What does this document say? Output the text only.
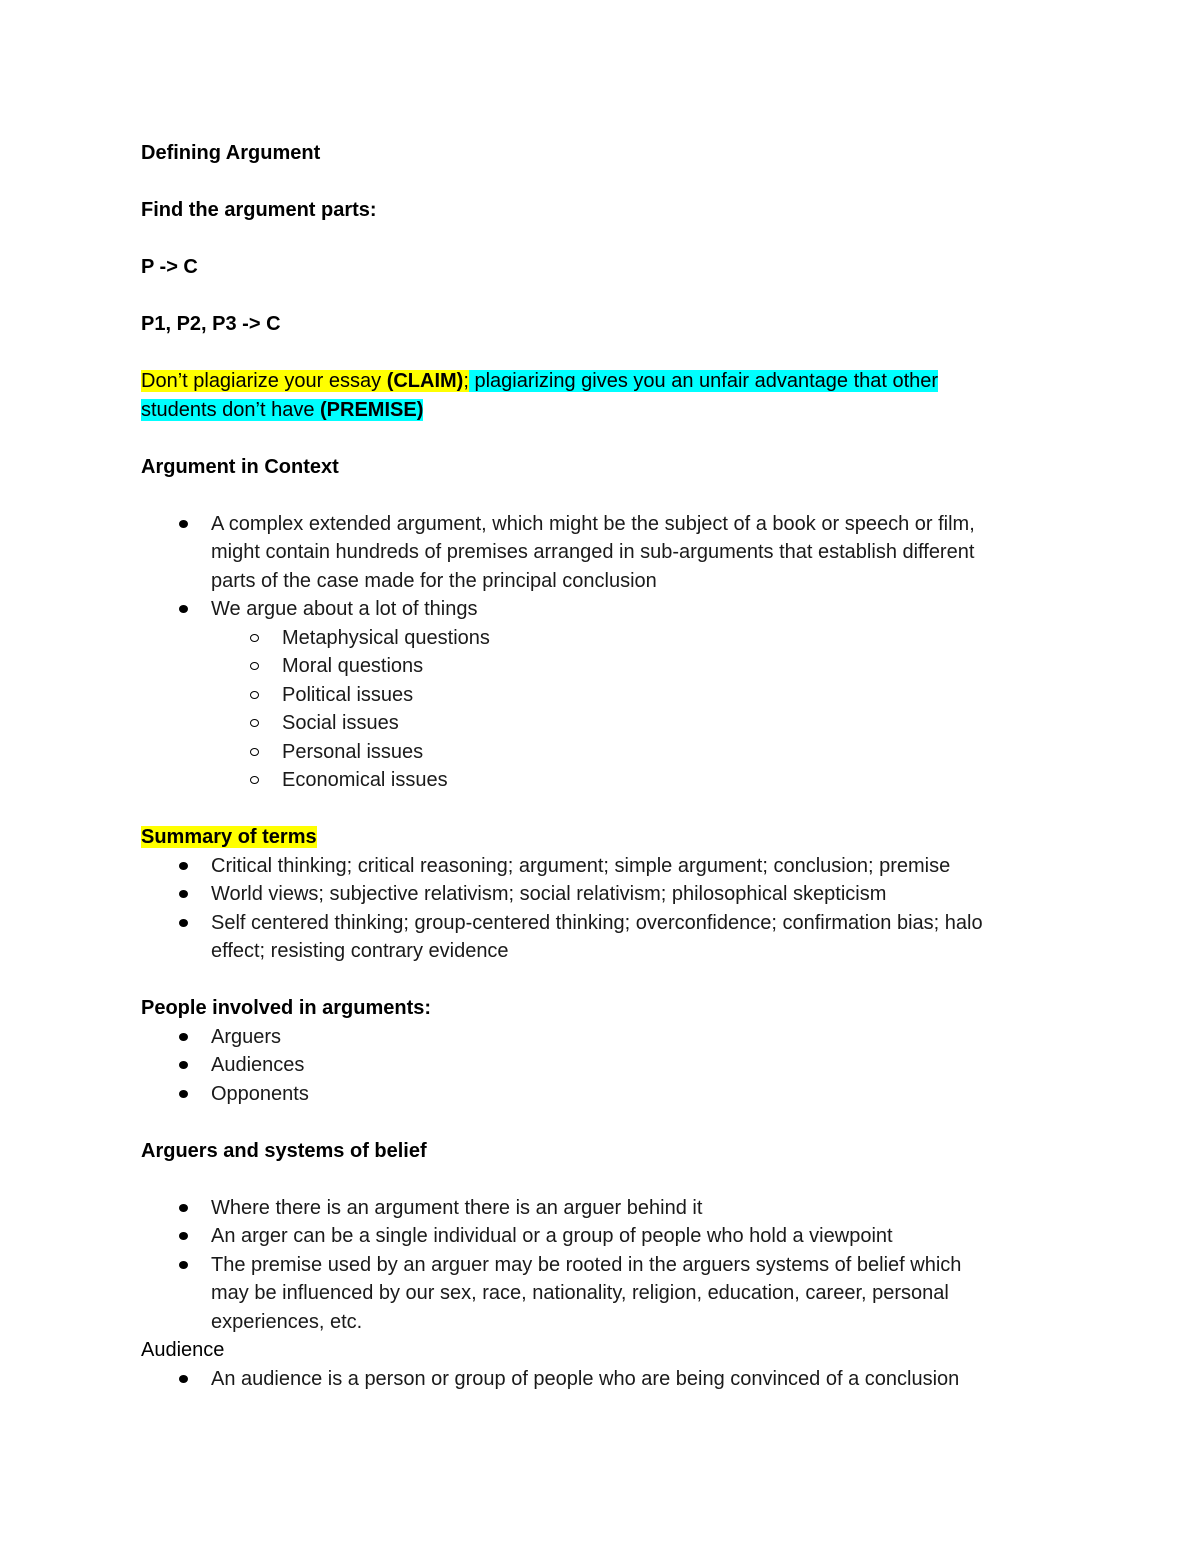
Defining Argument

Find the argument parts:

P -> C

P1, P2, P3 -> C

Don’t plagiarize your essay (CLAIM); plagiarizing gives you an unfair advantage that other
students don’t have (PREMISE)

Argument in Context

A complex extended argument, which might be the subject of a book or speech or film,
might contain hundreds of premises arranged in sub-arguments that establish different
parts of the case made for the principal conclusion
We argue about a lot of things
Metaphysical questions
Moral questions
Political issues
Social issues
Personal issues
Economical issues

Summary of terms

Critical thinking; critical reasoning; argument; simple argument; conclusion; premise
World views; subjective relativism; social relativism; philosophical skepticism
Self centered thinking; group-centered thinking; overconfidence; confirmation bias; halo
effect; resisting contrary evidence

People involved in arguments:

Arguers
Audiences
Opponents

Arguers and systems of belief

Where there is an argument there is an arguer behind it
An arger can be a single individual or a group of people who hold a viewpoint
The premise used by an arguer may be rooted in the arguers systems of belief which
may be influenced by our sex, race, nationality, religion, education, career, personal
experiences, etc.

Audience

An audience is a person or group of people who are being convinced of a conclusion
